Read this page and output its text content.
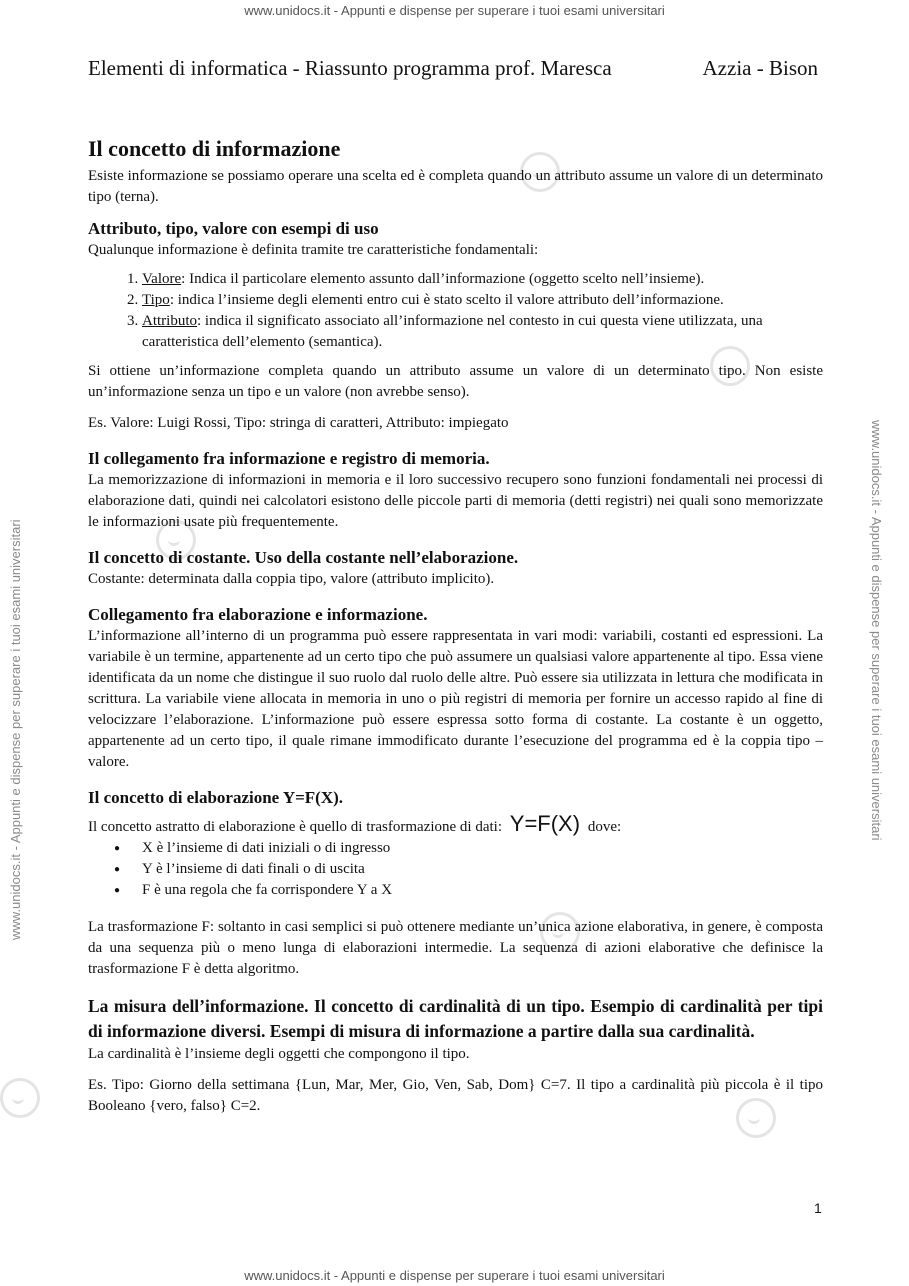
www.unidocs.it - Appunti e dispense per superare i tuoi esami universitari
www.unidocs.it - Appunti e dispense per superare i tuoi esami universitari
www.unidocs.it - Appunti e dispense per superare i tuoi esami universitari	www.unidocs.it - Appunti e dispense per superare i tuoi esami universitari
Elementi di informatica - Riassunto programma prof. Maresca	Azzia - Bison
Il concetto di informazione

Esiste informazione se possiamo operare una scelta ed è completa quando un attributo assume un valore di un determinato tipo (terna).

Attributo, tipo, valore con esempi di uso

Qualunque informazione è definita tramite tre caratteristiche fondamentali:

1. Valore: Indica il particolare elemento assunto dall’informazione (oggetto scelto nell’insieme).
2. Tipo: indica l’insieme degli elementi entro cui è stato scelto il valore attributo dell’informazione.
3. Attributo: indica il significato associato all’informazione nel contesto in cui questa viene utilizzata, una caratteristica dell’elemento (semantica).

Si ottiene un’informazione completa quando un attributo assume un valore di un determinato tipo. Non esiste un’informazione senza un tipo e un valore (non avrebbe senso).

Es. Valore: Luigi Rossi, Tipo: stringa di caratteri, Attributo: impiegato

Il collegamento fra informazione e registro di memoria.

La memorizzazione di informazioni in memoria e il loro successivo recupero sono funzioni fondamentali nei processi di elaborazione dati, quindi nei calcolatori esistono delle piccole parti di memoria (detti registri) nei quali sono memorizzate le informazioni usate più frequentemente.

Il concetto di costante. Uso della costante nell’elaborazione.

Costante: determinata dalla coppia tipo, valore (attributo implicito).

Collegamento fra elaborazione e informazione.

L’informazione all’interno di un programma può essere rappresentata in vari modi: variabili, costanti ed espressioni. La variabile è un termine, appartenente ad un certo tipo che può assumere un qualsiasi valore appartenente al tipo. Essa viene identificata da un nome che distingue il suo ruolo dal ruolo delle altre. Può essere sia utilizzata in lettura che modificata in scrittura. La variabile viene allocata in memoria in uno o più registri di memoria per fornire un accesso rapido al fine di velocizzare l’elaborazione. L’informazione può essere espressa sotto forma di costante. La costante è un oggetto, appartenente ad un certo tipo, il quale rimane immodificato durante l’esecuzione del programma ed è la coppia tipo – valore.

Il concetto di elaborazione Y=F(X).

Il concetto astratto di elaborazione è quello di trasformazione di dati: Y=F(X) dove:

● X è l’insieme di dati iniziali o di ingresso
● Y è l’insieme di dati finali o di uscita
● F è una regola che fa corrispondere Y a X

La trasformazione F: soltanto in casi semplici si può ottenere mediante un’unica azione elaborativa, in genere, è composta da una sequenza più o meno lunga di elaborazioni intermedie. La sequenza di azioni elaborative che definisce la trasformazione F è detta algoritmo.

La misura dell’informazione. Il concetto di cardinalità di un tipo. Esempio di cardinalità per tipi di informazione diversi. Esempi di misura di informazione a partire dalla sua cardinalità.

La cardinalità è l’insieme degli oggetti che compongono il tipo.

Es. Tipo: Giorno della settimana {Lun, Mar, Mer, Gio, Ven, Sab, Dom} C=7. Il tipo a cardinalità più piccola è il tipo Booleano {vero, falso} C=2.

1
